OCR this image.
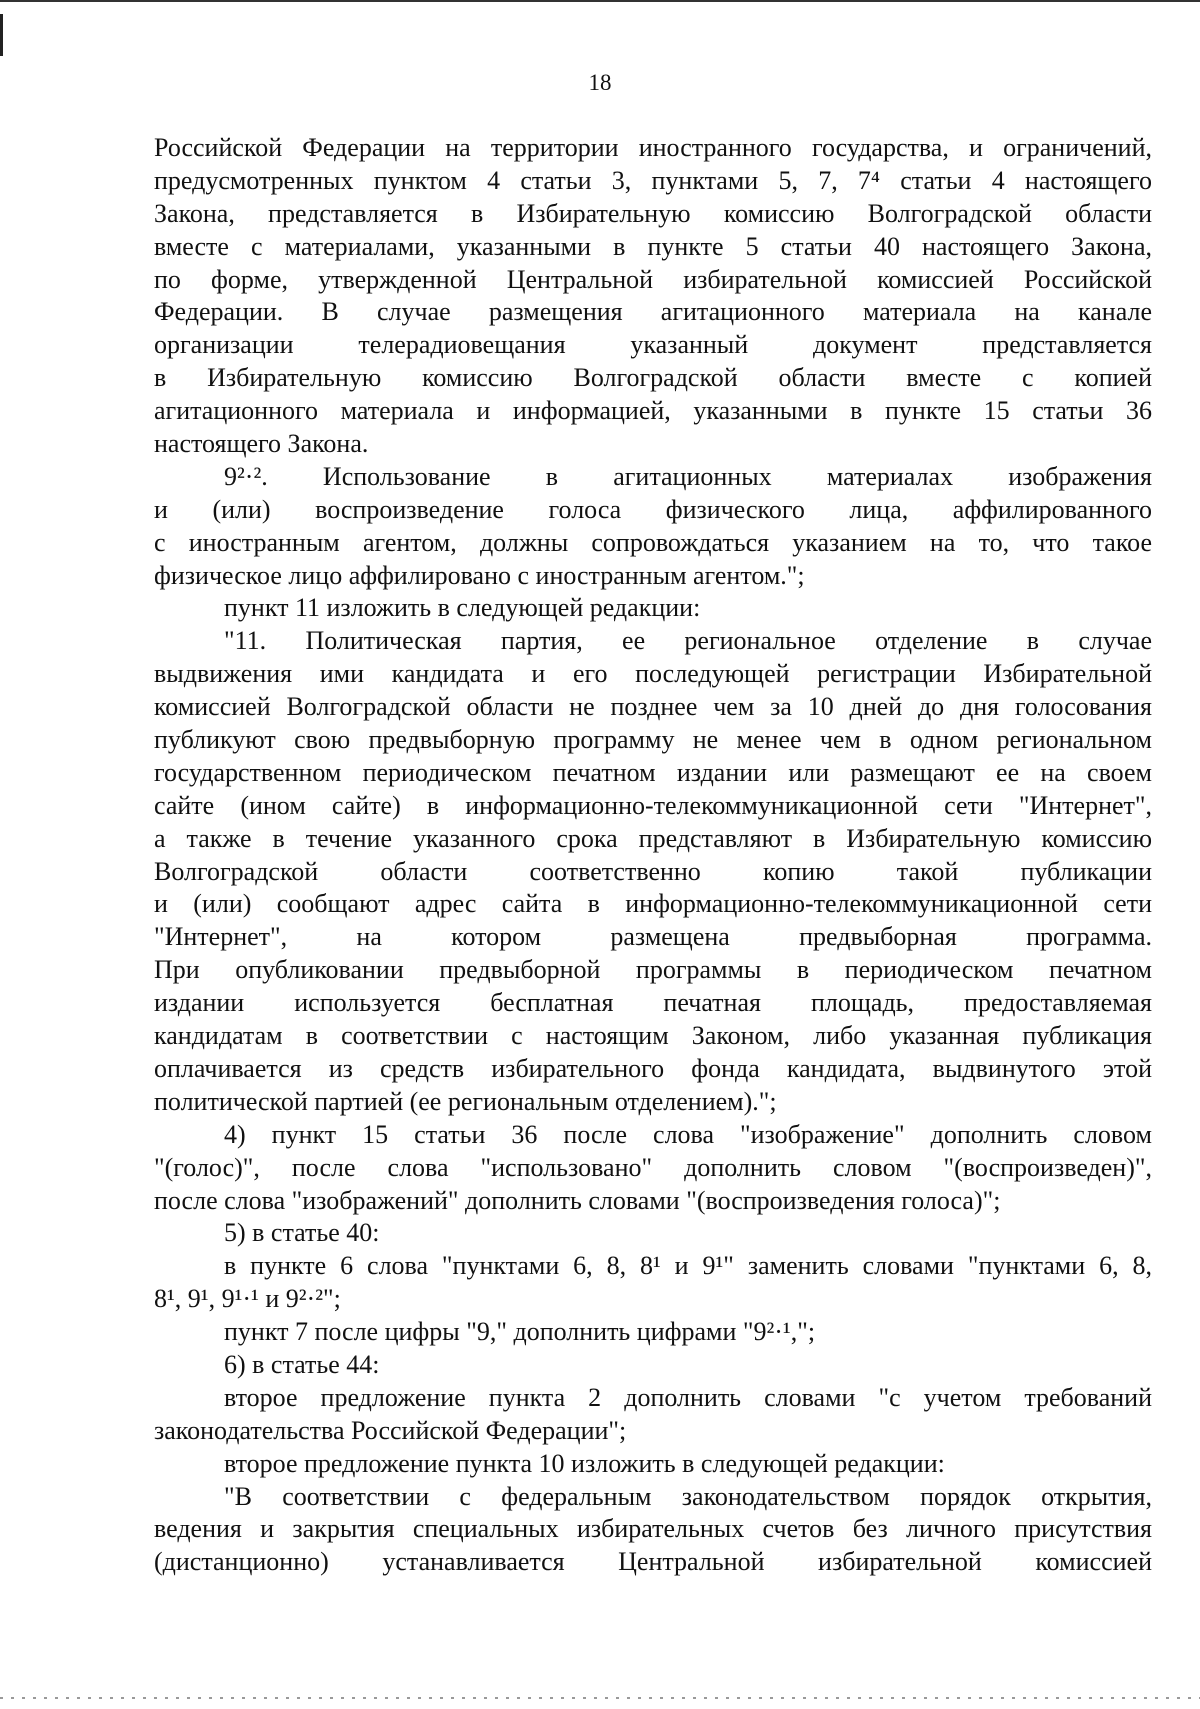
18
Российской Федерации на территории иностранного государства, и ограничений,
предусмотренных пунктом 4 статьи 3, пунктами 5, 7, 7⁴ статьи 4 настоящего
Закона, представляется в Избирательную комиссию Волгоградской области
вместе с материалами, указанными в пункте 5 статьи 40 настоящего Закона,
по форме, утвержденной Центральной избирательной комиссией Российской
Федерации. В случае размещения агитационного материала на канале
организации телерадиовещания указанный документ представляется
в Избирательную комиссию Волгоградской области вместе с копией
агитационного материала и информацией, указанными в пункте 15 статьи 36
настоящего Закона.
9²·². Использование в агитационных материалах изображения
и (или) воспроизведение голоса физического лица, аффилированного
с иностранным агентом, должны сопровождаться указанием на то, что такое
физическое лицо аффилировано с иностранным агентом.";
пункт 11 изложить в следующей редакции:
"11. Политическая партия, ее региональное отделение в случае
выдвижения ими кандидата и его последующей регистрации Избирательной
комиссией Волгоградской области не позднее чем за 10 дней до дня голосования
публикуют свою предвыборную программу не менее чем в одном региональном
государственном периодическом печатном издании или размещают ее на своем
сайте (ином сайте) в информационно-телекоммуникационной сети "Интернет",
а также в течение указанного срока представляют в Избирательную комиссию
Волгоградской области соответственно копию такой публикации
и (или) сообщают адрес сайта в информационно-телекоммуникационной сети
"Интернет", на котором размещена предвыборная программа.
При опубликовании предвыборной программы в периодическом печатном
издании используется бесплатная печатная площадь, предоставляемая
кандидатам в соответствии с настоящим Законом, либо указанная публикация
оплачивается из средств избирательного фонда кандидата, выдвинутого этой
политической партией (ее региональным отделением).";
4) пункт 15 статьи 36 после слова "изображение" дополнить словом
"(голос)", после слова "использовано" дополнить словом "(воспроизведен)",
после слова "изображений" дополнить словами "(воспроизведения голоса)";
5) в статье 40:
в пункте 6 слова "пунктами 6, 8, 8¹ и 9¹" заменить словами "пунктами 6, 8,
8¹, 9¹, 9¹·¹ и 9²·²";
пункт 7 после цифры "9," дополнить цифрами "9²·¹,";
6) в статье 44:
второе предложение пункта 2 дополнить словами "с учетом требований
законодательства Российской Федерации";
второе предложение пункта 10 изложить в следующей редакции:
"В соответствии с федеральным законодательством порядок открытия,
ведения и закрытия специальных избирательных счетов без личного присутствия
(дистанционно) устанавливается Центральной избирательной комиссией
